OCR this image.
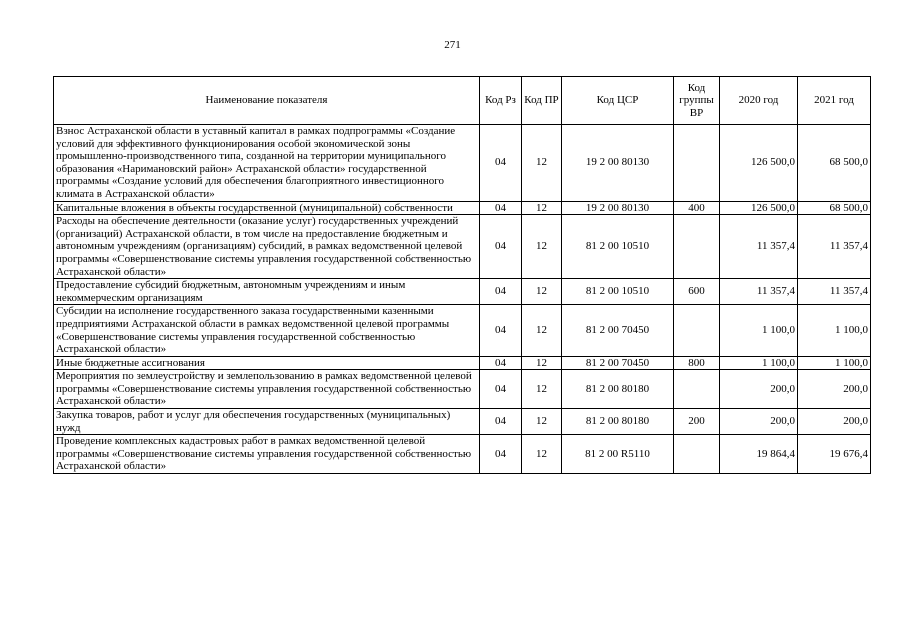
271
Наименование показателя	Код Рз	Код ПР	Код ЦСР	Код группы ВР	2020 год	2021 год
Взнос Астраханской области в уставный капитал в рамках подпрограммы «Создание условий для эффективного функционирования особой экономической зоны промышленно-производственного типа, созданной на территории муниципального образования «Наримановский район» Астраханской области» государственной программы «Создание условий для обеспечения благоприятного инвестиционного климата в Астраханской области»	04	12	19 2 00 80130		126 500,0	68 500,0
Капитальные вложения в объекты государственной (муниципальной) собственности	04	12	19 2 00 80130	400	126 500,0	68 500,0
Расходы на обеспечение деятельности (оказание услуг) государственных учреждений (организаций) Астраханской области, в том числе на предоставление бюджетным и автономным учреждениям (организациям) субсидий, в рамках ведомственной целевой программы «Совершенствование системы управления государственной собственностью Астраханской области»	04	12	81 2 00 10510		11 357,4	11 357,4
Предоставление субсидий бюджетным, автономным учреждениям и иным некоммерческим организациям	04	12	81 2 00 10510	600	11 357,4	11 357,4
Субсидии на исполнение государственного заказа государственными казенными предприятиями Астраханской области в рамках ведомственной целевой программы «Совершенствование системы управления государственной собственностью Астраханской области»	04	12	81 2 00 70450		1 100,0	1 100,0
Иные бюджетные ассигнования	04	12	81 2 00 70450	800	1 100,0	1 100,0
Мероприятия по землеустройству и землепользованию в рамках ведомственной целевой программы «Совершенствование системы управления государственной собственностью Астраханской области»	04	12	81 2 00 80180		200,0	200,0
Закупка товаров, работ и услуг для обеспечения государственных (муниципальных) нужд	04	12	81 2 00 80180	200	200,0	200,0
Проведение комплексных кадастровых работ в рамках ведомственной целевой программы «Совершенствование системы управления государственной собственностью Астраханской области»	04	12	81 2 00 R5110		19 864,4	19 676,4
